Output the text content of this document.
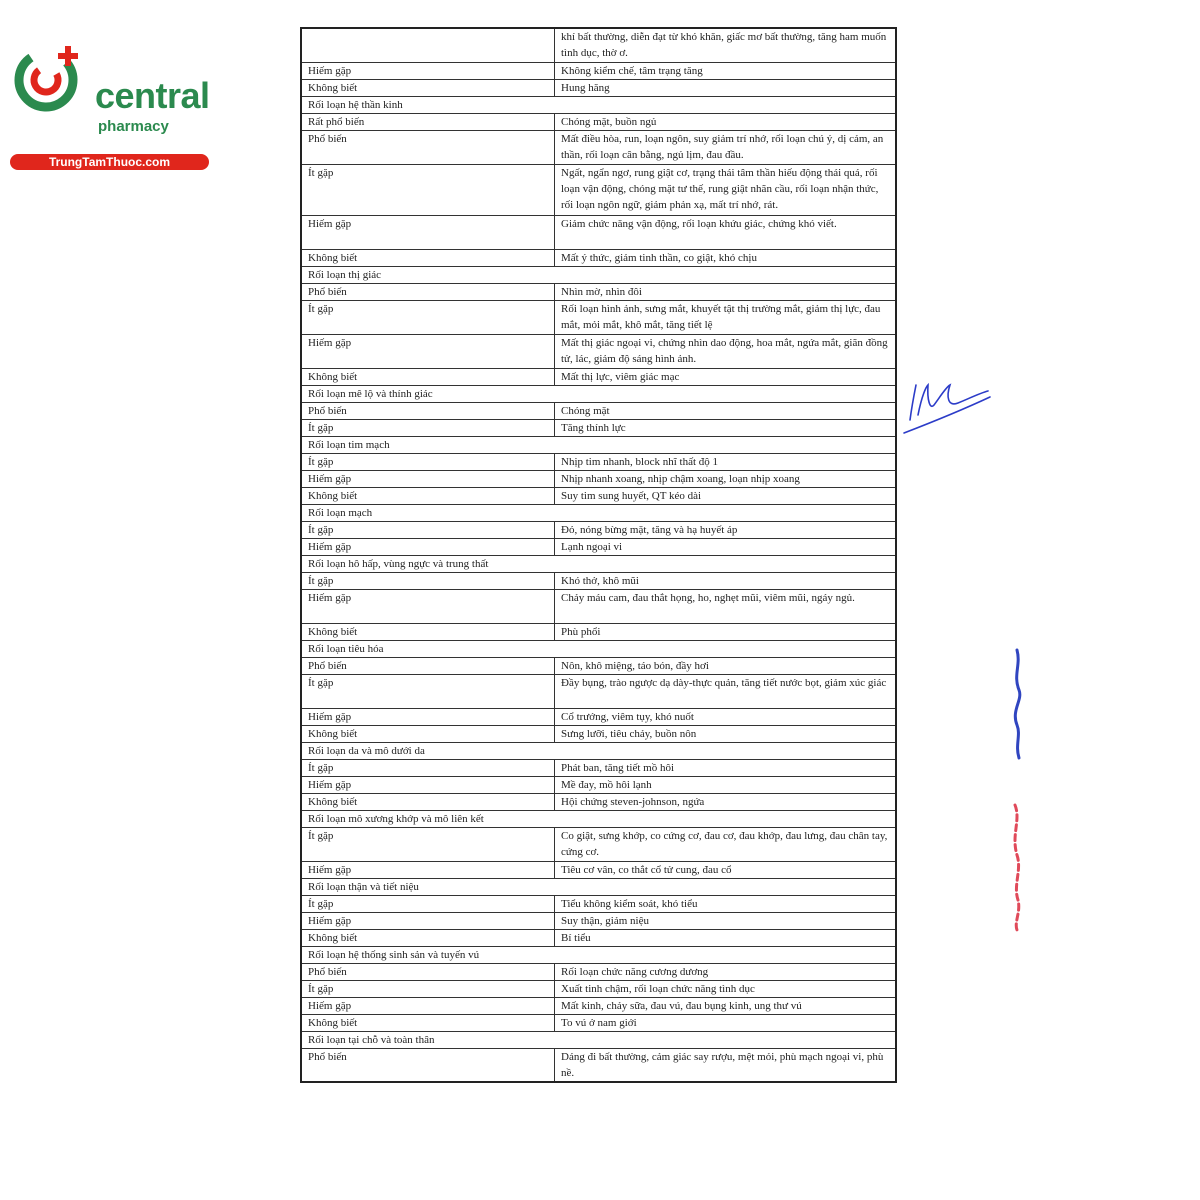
central
pharmacy
TrungTamThuoc.com
	khí bất thường, diễn đạt từ khó khăn, giấc mơ bất thường, tăng ham muốn tình dục, thờ ơ.
Hiếm gặp	Không kiểm chế, tâm trạng tăng
Không biết	Hung hăng
Rối loạn hệ thần kinh	
Rất phổ biến	Chóng mặt, buồn ngủ
Phổ biến	Mất điều hòa, run, loạn ngôn, suy giảm trí nhớ, rối loạn chú ý, dị cảm, an thần, rối loạn cân bằng, ngủ lịm, đau đầu.
Ít gặp	Ngất, ngẩn ngơ, rung giật cơ, trạng thái tâm thần hiếu động thái quá, rối loạn vận động, chóng mặt tư thế, rung giật nhãn cầu, rối loạn nhận thức, rối loạn ngôn ngữ, giảm phản xạ, mất trí nhớ, rát.
Hiếm gặp	Giảm chức năng vận động, rối loạn khứu giác, chứng khó viết.
Không biết	Mất ý thức, giảm tinh thần, co giật, khó chịu
Rối loạn thị giác	
Phổ biến	Nhìn mờ, nhìn đôi
Ít gặp	Rối loạn hình ảnh, sưng mắt, khuyết tật thị trường mắt, giảm thị lực, đau mắt, mỏi mắt, khô mắt, tăng tiết lệ
Hiếm gặp	Mất thị giác ngoại vi, chứng nhìn dao động, hoa mắt, ngứa mắt, giãn đồng tử, lác, giảm độ sáng hình ảnh.
Không biết	Mất thị lực, viêm giác mạc
Rối loạn mê lộ và thính giác	
Phổ biến	Chóng mặt
Ít gặp	Tăng thính lực
Rối loạn tim mạch	
Ít gặp	Nhịp tim nhanh, block nhĩ thất độ 1
Hiếm gặp	Nhịp nhanh xoang, nhịp chậm xoang, loạn nhịp xoang
Không biết	Suy tim sung huyết, QT kéo dài
Rối loạn mạch	
Ít gặp	Đỏ, nóng bừng mặt, tăng và hạ huyết áp
Hiếm gặp	Lạnh ngoại vi
Rối loạn hô hấp, vùng ngực và trung thất	
Ít gặp	Khó thở, khô mũi
Hiếm gặp	Chảy máu cam, đau thắt họng, ho, nghẹt mũi, viêm mũi, ngáy ngủ.
Không biết	Phù phổi
Rối loạn tiêu hóa	
Phổ biến	Nôn, khô miệng, táo bón, đầy hơi
Ít gặp	Đầy bụng, trào ngược dạ dày-thực quản, tăng tiết nước bọt, giảm xúc giác
Hiếm gặp	Cổ trướng, viêm tụy, khó nuốt
Không biết	Sưng lưỡi, tiêu chảy, buồn nôn
Rối loạn da và mô dưới da	
Ít gặp	Phát ban, tăng tiết mồ hôi
Hiếm gặp	Mề đay, mồ hôi lạnh
Không biết	Hội chứng steven-johnson, ngứa
Rối loạn mô xương khớp và mô liên kết	
Ít gặp	Co giật, sưng khớp, co cứng cơ, đau cơ, đau khớp, đau lưng, đau chân tay, cứng cơ.
Hiếm gặp	Tiêu cơ vân, co thắt cổ tử cung, đau cổ
Rối loạn thận và tiết niệu	
Ít gặp	Tiểu không kiểm soát, khó tiểu
Hiếm gặp	Suy thận, giảm niệu
Không biết	Bí tiểu
Rối loạn hệ thống sinh sản và tuyến vú	
Phổ biến	Rối loạn chức năng cương dương
Ít gặp	Xuất tinh chậm, rối loạn chức năng tình dục
Hiếm gặp	Mất kinh, chảy sữa, đau vú, đau bụng kinh, ung thư vú
Không biết	To vú ở nam giới
Rối loạn tại chỗ và toàn thân	
Phổ biến	Dáng đi bất thường, cảm giác say rượu, mệt mỏi, phù mạch ngoại vi, phù nề.
